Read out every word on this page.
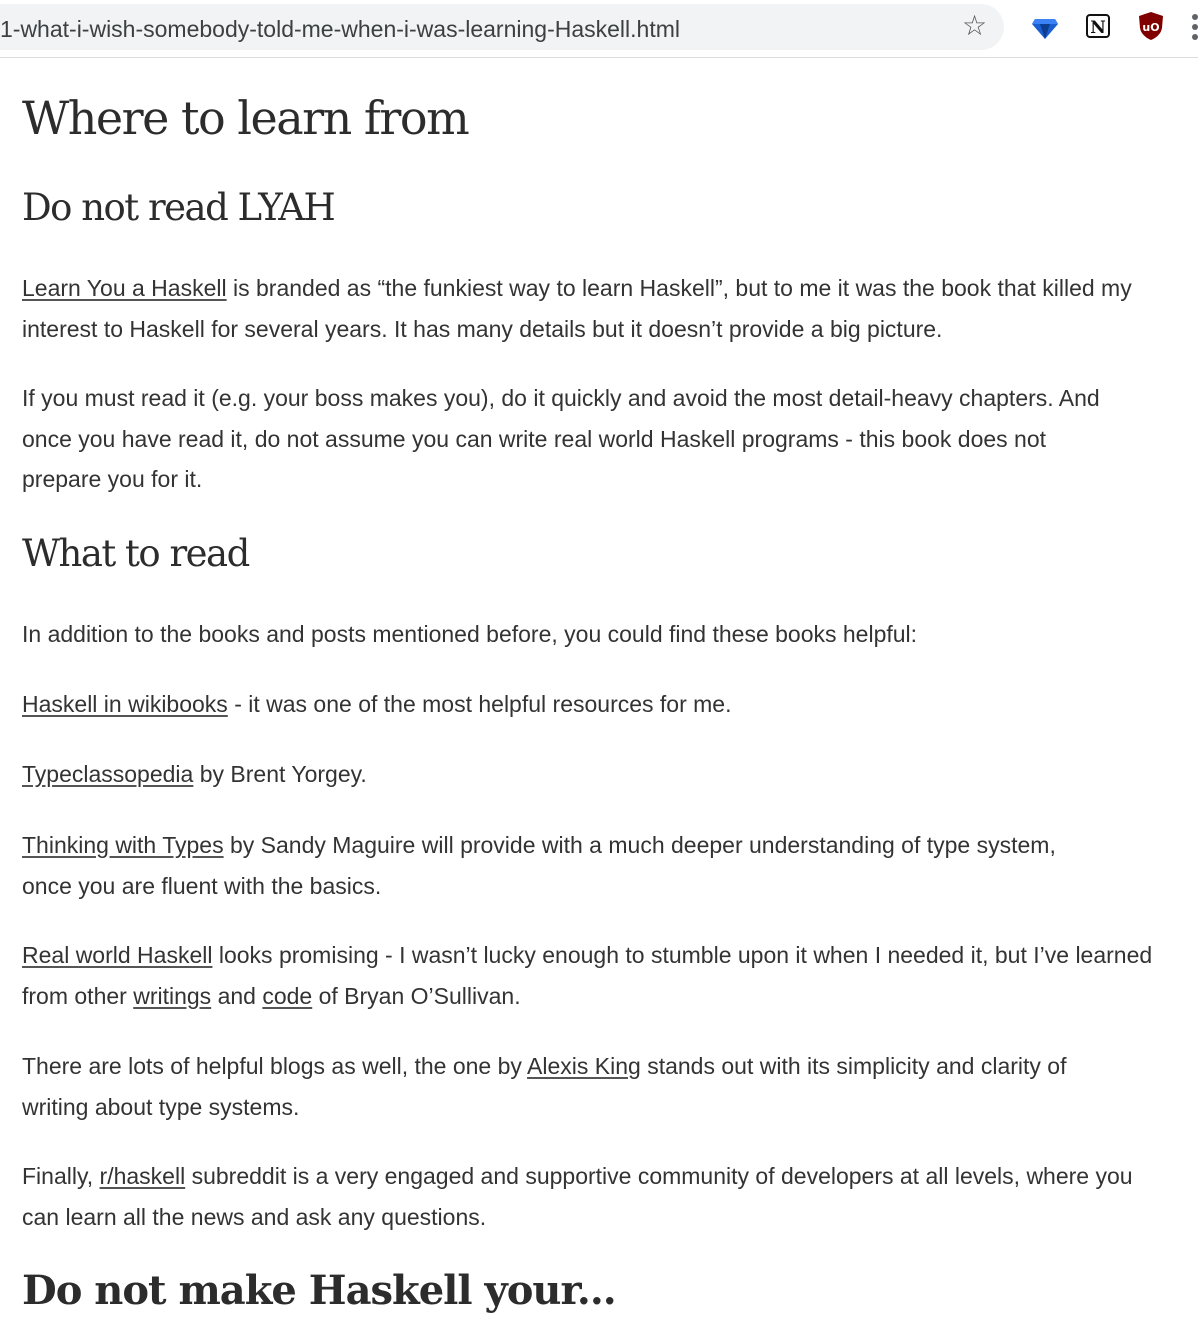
1-what-i-wish-somebody-told-me-when-i-was-learning-Haskell.html	☆	N	uO
Where to learn from
Do not read LYAH

Learn You a Haskell is branded as “the funkiest way to learn Haskell”, but to me it was the book that killed my interest to Haskell for several years. It has many details but it doesn’t provide a big picture.

If you must read it (e.g. your boss makes you), do it quickly and avoid the most detail-heavy chapters. And once you have read it, do not assume you can write real world Haskell programs - this book does not prepare you for it.

What to read

In addition to the books and posts mentioned before, you could find these books helpful:

Haskell in wikibooks - it was one of the most helpful resources for me.

Typeclassopedia by Brent Yorgey.

Thinking with Types by Sandy Maguire will provide with a much deeper understanding of type system, once you are fluent with the basics.

Real world Haskell looks promising - I wasn’t lucky enough to stumble upon it when I needed it, but I’ve learned from other writings and code of Bryan O’Sullivan.

There are lots of helpful blogs as well, the one by Alexis King stands out with its simplicity and clarity of writing about type systems.

Finally, r/haskell subreddit is a very engaged and supportive community of developers at all levels, where you can learn all the news and ask any questions.

Do not make Haskell your...
